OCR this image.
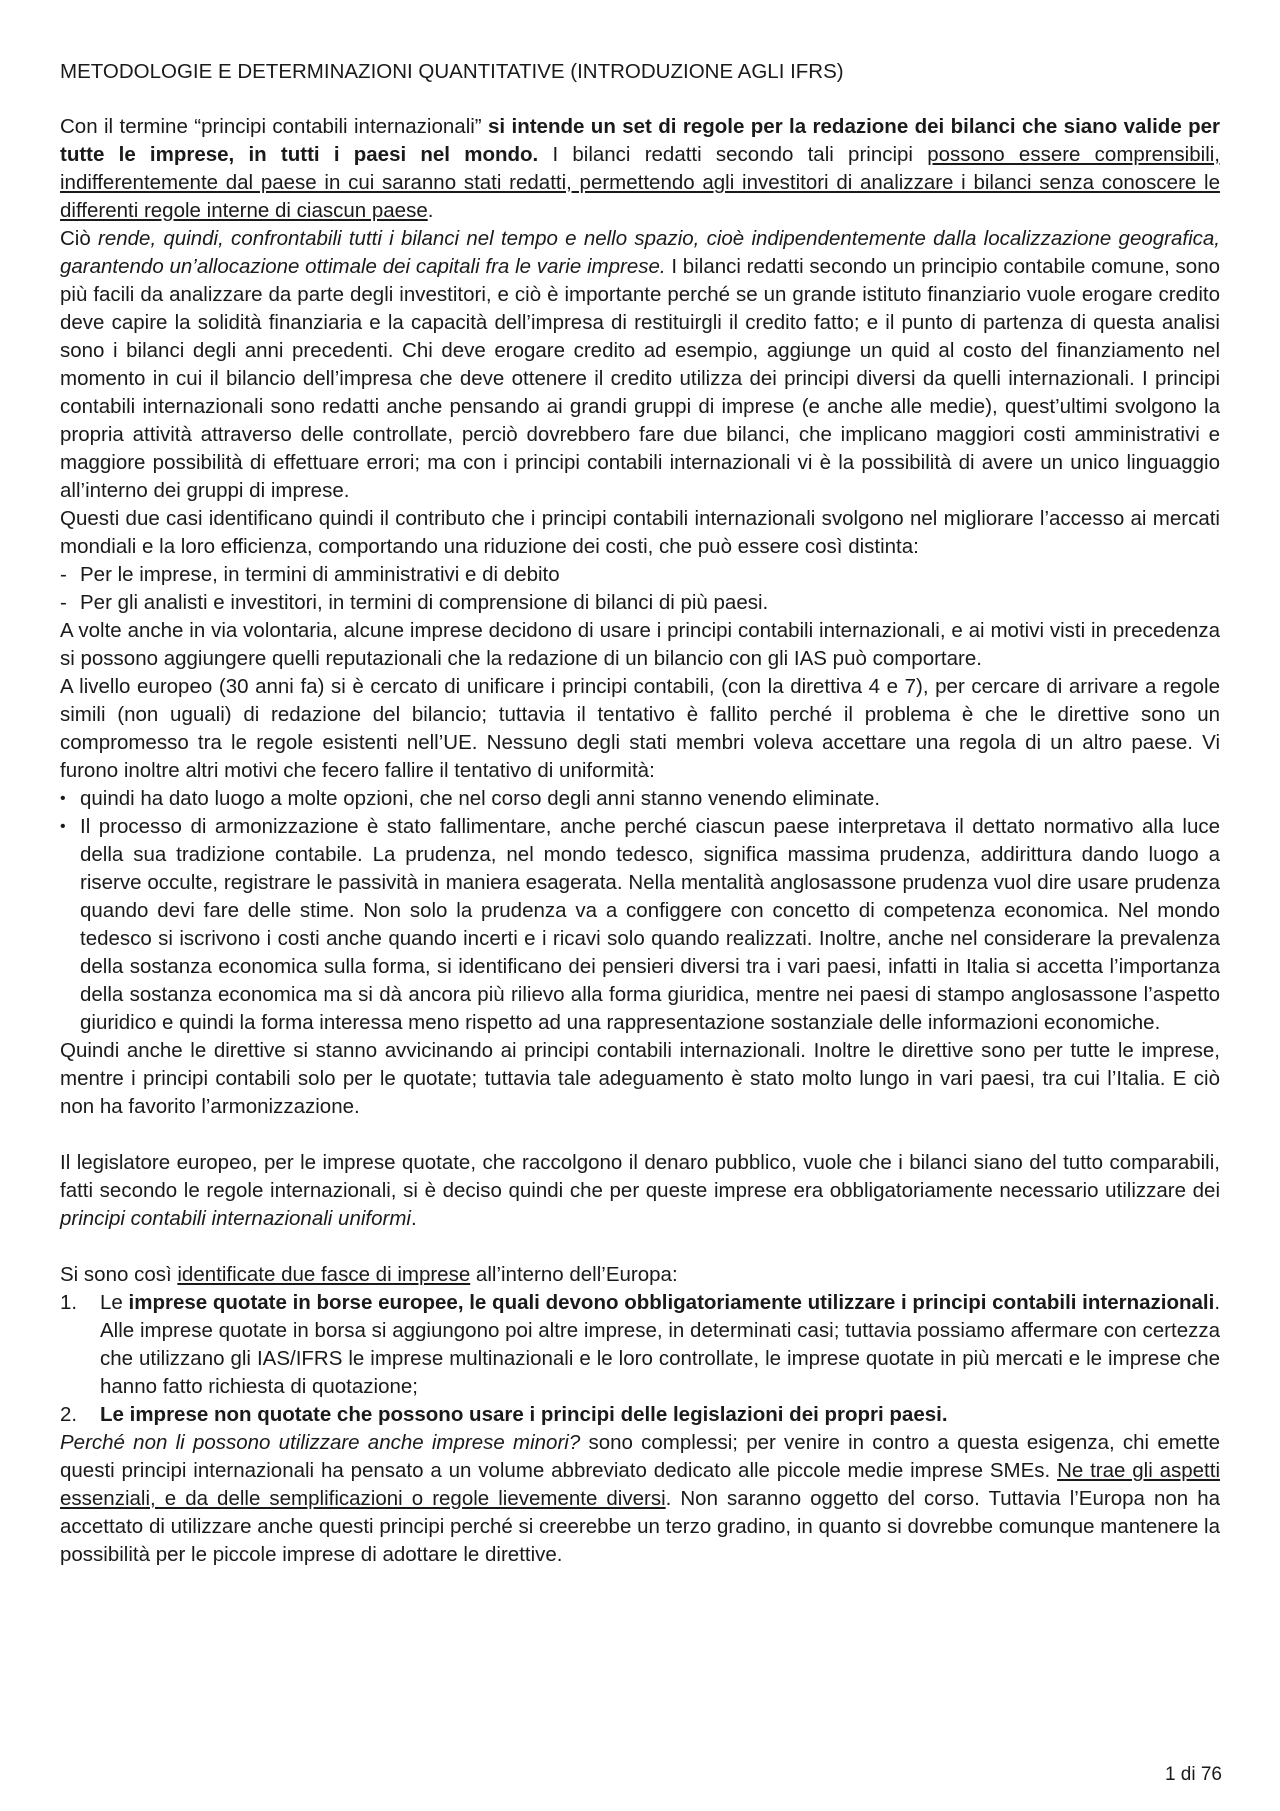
METODOLOGIE E DETERMINAZIONI QUANTITATIVE (INTRODUZIONE AGLI IFRS)

Con il termine “principi contabili internazionali” si intende un set di regole per la redazione dei bilanci che siano valide per tutte le imprese, in tutti i paesi nel mondo. I bilanci redatti secondo tali principi possono essere comprensibili, indifferentemente dal paese in cui saranno stati redatti, permettendo agli investitori di analizzare i bilanci senza conoscere le differenti regole interne di ciascun paese.

Ciò rende, quindi, confrontabili tutti i bilanci nel tempo e nello spazio, cioè indipendentemente dalla localizzazione geografica, garantendo un’allocazione ottimale dei capitali fra le varie imprese. I bilanci redatti secondo un principio contabile comune, sono più facili da analizzare da parte degli investitori, e ciò è importante perché se un grande istituto finanziario vuole erogare credito deve capire la solidità finanziaria e la capacità dell’impresa di restituirgli il credito fatto; e il punto di partenza di questa analisi sono i bilanci degli anni precedenti. Chi deve erogare credito ad esempio, aggiunge un quid al costo del finanziamento nel momento in cui il bilancio dell’impresa che deve ottenere il credito utilizza dei principi diversi da quelli internazionali. I principi contabili internazionali sono redatti anche pensando ai grandi gruppi di imprese (e anche alle medie), quest’ultimi svolgono la propria attività attraverso delle controllate, perciò dovrebbero fare due bilanci, che implicano maggiori costi amministrativi e maggiore possibilità di effettuare errori; ma con i principi contabili internazionali vi è la possibilità di avere un unico linguaggio all’interno dei gruppi di imprese.

Questi due casi identificano quindi il contributo che i principi contabili internazionali svolgono nel migliorare l’accesso ai mercati mondiali e la loro efficienza, comportando una riduzione dei costi, che può essere così distinta:

- Per le imprese, in termini di amministrativi e di debito
- Per gli analisti e investitori, in termini di comprensione di bilanci di più paesi.

A volte anche in via volontaria, alcune imprese decidono di usare i principi contabili internazionali, e ai motivi visti in precedenza si possono aggiungere quelli reputazionali che la redazione di un bilancio con gli IAS può comportare.

A livello europeo (30 anni fa) si è cercato di unificare i principi contabili, (con la direttiva 4 e 7), per cercare di arrivare a regole simili (non uguali) di redazione del bilancio; tuttavia il tentativo è fallito perché il problema è che le direttive sono un compromesso tra le regole esistenti nell’UE. Nessuno degli stati membri voleva accettare una regola di un altro paese. Vi furono inoltre altri motivi che fecero fallire il tentativo di uniformità:

• quindi ha dato luogo a molte opzioni, che nel corso degli anni stanno venendo eliminate.
• Il processo di armonizzazione è stato fallimentare, anche perché ciascun paese interpretava il dettato normativo alla luce della sua tradizione contabile. La prudenza, nel mondo tedesco, significa massima prudenza, addirittura dando luogo a riserve occulte, registrare le passività in maniera esagerata. Nella mentalità anglosassone prudenza vuol dire usare prudenza quando devi fare delle stime. Non solo la prudenza va a configgere con concetto di competenza economica. Nel mondo tedesco si iscrivono i costi anche quando incerti e i ricavi solo quando realizzati. Inoltre, anche nel considerare la prevalenza della sostanza economica sulla forma, si identificano dei pensieri diversi tra i vari paesi, infatti in Italia si accetta l’importanza della sostanza economica ma si dà ancora più rilievo alla forma giuridica, mentre nei paesi di stampo anglosassone l’aspetto giuridico e quindi la forma interessa meno rispetto ad una rappresentazione sostanziale delle informazioni economiche.

Quindi anche le direttive si stanno avvicinando ai principi contabili internazionali. Inoltre le direttive sono per tutte le imprese, mentre i principi contabili solo per le quotate; tuttavia tale adeguamento è stato molto lungo in vari paesi, tra cui l’Italia. E ciò non ha favorito l’armonizzazione.

Il legislatore europeo, per le imprese quotate, che raccolgono il denaro pubblico, vuole che i bilanci siano del tutto comparabili, fatti secondo le regole internazionali, si è deciso quindi che per queste imprese era obbligatoriamente necessario utilizzare dei principi contabili internazionali uniformi.

Si sono così identificate due fasce di imprese all’interno dell’Europa:

1. Le imprese quotate in borse europee, le quali devono obbligatoriamente utilizzare i principi contabili internazionali. Alle imprese quotate in borsa si aggiungono poi altre imprese, in determinati casi; tuttavia possiamo affermare con certezza che utilizzano gli IAS/IFRS le imprese multinazionali e le loro controllate, le imprese quotate in più mercati e le imprese che hanno fatto richiesta di quotazione;
2. Le imprese non quotate che possono usare i principi delle legislazioni dei propri paesi.

Perché non li possono utilizzare anche imprese minori? sono complessi; per venire in contro a questa esigenza, chi emette questi principi internazionali ha pensato a un volume abbreviato dedicato alle piccole medie imprese SMEs. Ne trae gli aspetti essenziali, e da delle semplificazioni o regole lievemente diversi. Non saranno oggetto del corso. Tuttavia l’Europa non ha accettato di utilizzare anche questi principi perché si creerebbe un terzo gradino, in quanto si dovrebbe comunque mantenere la possibilità per le piccole imprese di adottare le direttive.

1 di 76
